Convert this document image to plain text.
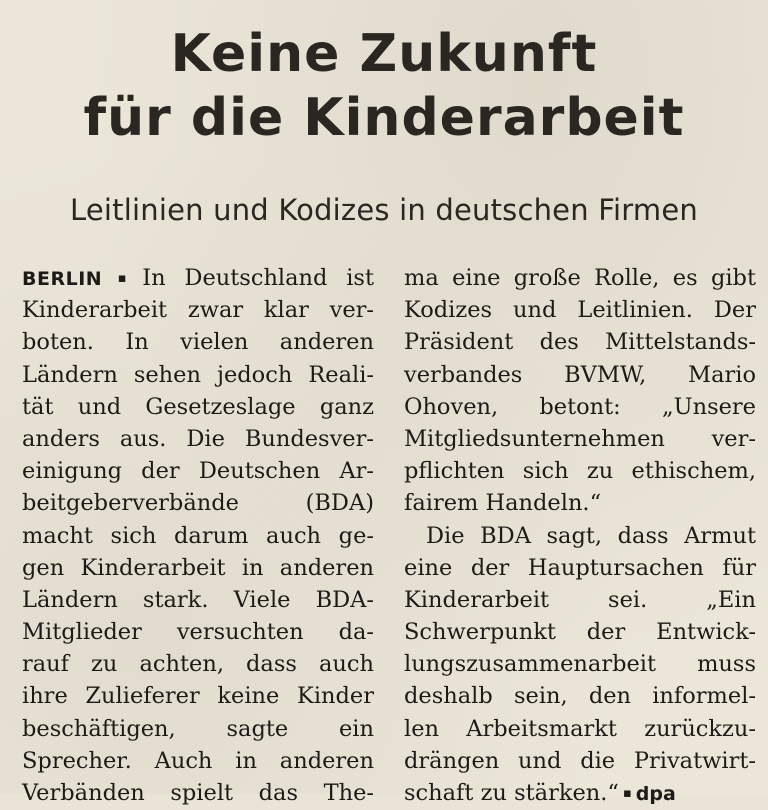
Keine Zukunft
für die Kinderarbeit
Leitlinien und Kodizes in deutschen Firmen
BERLIN ▪ In Deutschland ist
Kinderarbeit zwar klar ver-
boten. In vielen anderen
Ländern sehen jedoch Reali-
tät und Gesetzeslage ganz
anders aus. Die Bundesver-
einigung der Deutschen Ar-
beitgeberverbände (BDA)
macht sich darum auch ge-
gen Kinderarbeit in anderen
Ländern stark. Viele BDA-
Mitglieder versuchten da-
rauf zu achten, dass auch
ihre Zulieferer keine Kinder
beschäftigen, sagte ein
Sprecher. Auch in anderen
Verbänden spielt das The-
ma eine große Rolle, es gibt
Kodizes und Leitlinien. Der
Präsident des Mittelstands-
verbandes BVMW, Mario
Ohoven, betont: „Unsere
Mitgliedsunternehmen ver-
pflichten sich zu ethischem,
fairem Handeln.“
Die BDA sagt, dass Armut
eine der Hauptursachen für
Kinderarbeit sei. „Ein
Schwerpunkt der Entwick-
lungszusammenarbeit muss
deshalb sein, den informel-
len Arbeitsmarkt zurückzu-
drängen und die Privatwirt-
schaft zu stärken.“ ▪ dpa
